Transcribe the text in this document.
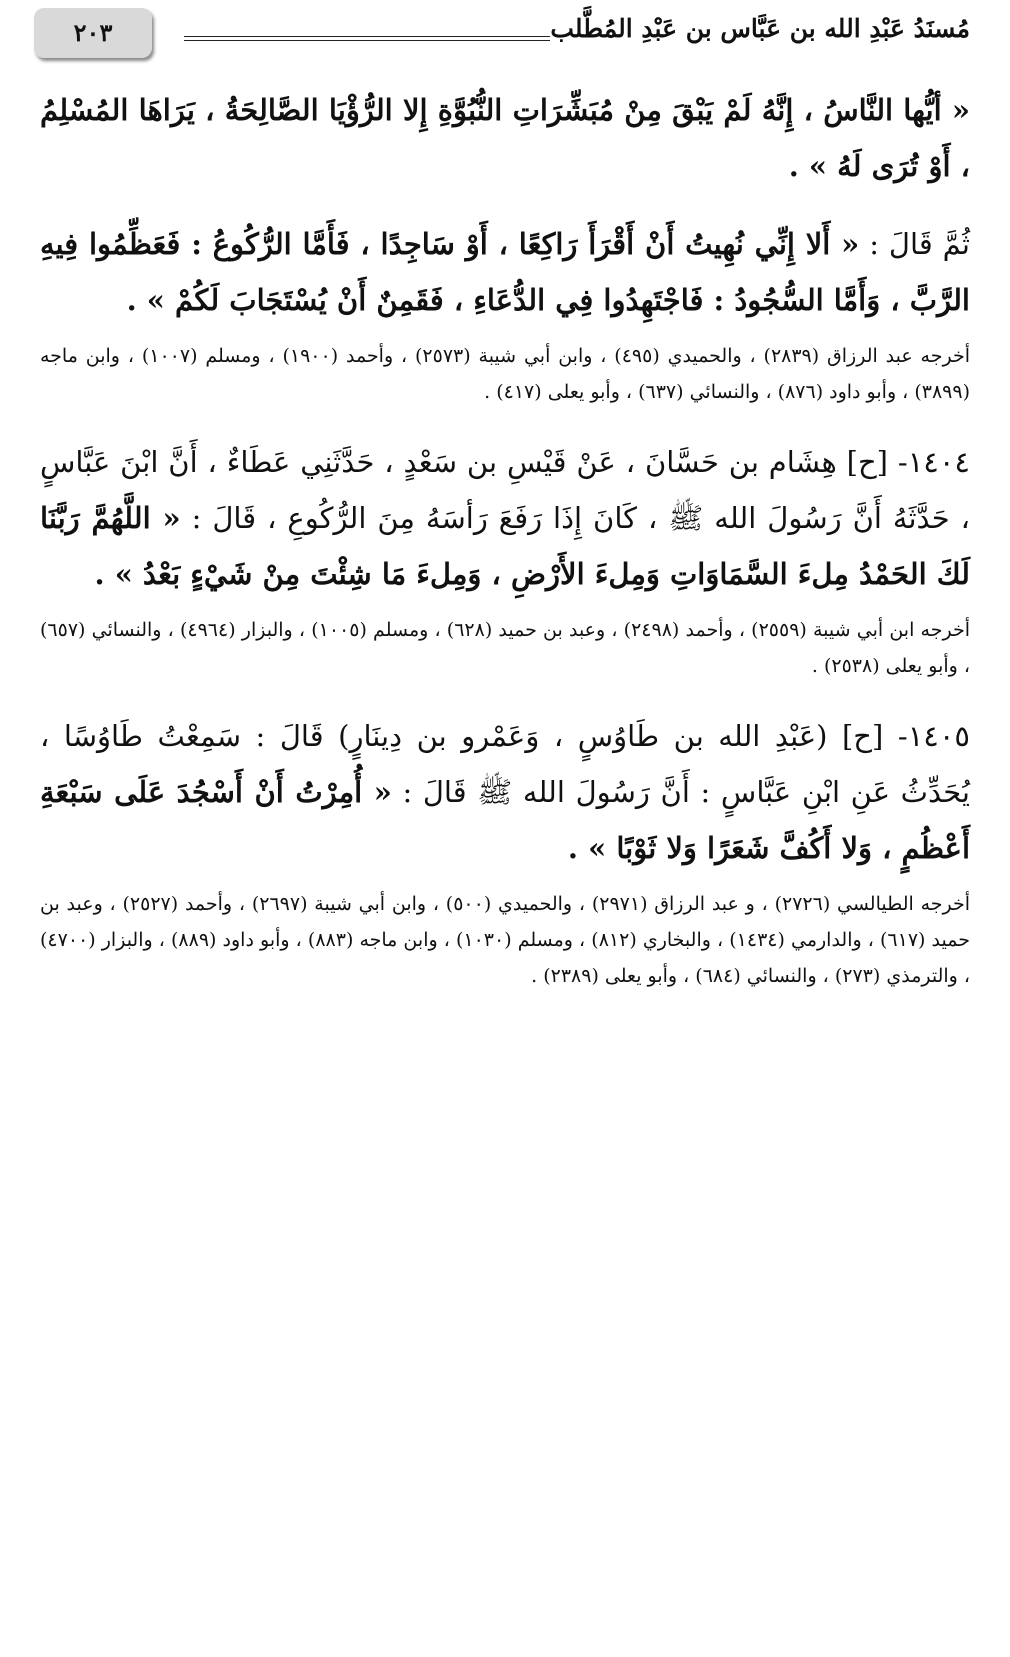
مُسنَدُ عَبْدِ الله بن عَبَّاس بن عَبْدِ المُطَّلب
٢٠٣

« أيُّها النَّاسُ ، إِنَّهُ لَمْ يَبْقَ مِنْ مُبَشِّرَاتِ النُّبُوَّةِ إِلا الرُّؤْيَا الصَّالِحَةُ ، يَرَاهَا المُسْلِمُ ، أَوْ تُرَى لَهُ » .

ثُمَّ قَالَ : « أَلا إِنِّي نُهِيتُ أَنْ أَقْرَأَ رَاكِعًا ، أَوْ سَاجِدًا ، فَأَمَّا الرُّكُوعُ : فَعَظِّمُوا فِيهِ الرَّبَّ ، وَأَمَّا السُّجُودُ : فَاجْتَهِدُوا فِي الدُّعَاءِ ، فَقَمِنٌ أَنْ يُسْتَجَابَ لَكُمْ » .

أخرجه عبد الرزاق (٢٨٣٩) ، والحميدي (٤٩٥) ، وابن أبي شيبة (٢٥٧٣) ، وأحمد (١٩٠٠) ، ومسلم (١٠٠٧) ، وابن ماجه (٣٨٩٩) ، وأبو داود (٨٧٦) ، والنسائي (٦٣٧) ، وأبو يعلى (٤١٧) .

١٤٠٤- [ح] هِشَام بن حَسَّانَ ، عَنْ قَيْسِ بن سَعْدٍ ، حَدَّثَنِي عَطَاءٌ ، أَنَّ ابْنَ عَبَّاسٍ ، حَدَّثَهُ أَنَّ رَسُولَ الله ﷺ ، كَانَ إِذَا رَفَعَ رَأسَهُ مِنَ الرُّكُوعِ ، قَالَ : « اللَّهُمَّ رَبَّنَا لَكَ الحَمْدُ مِلءَ السَّمَاوَاتِ وَمِلءَ الأَرْضِ ، وَمِلءَ مَا شِئْتَ مِنْ شَيْءٍ بَعْدُ » .

أخرجه ابن أبي شيبة (٢٥٥٩) ، وأحمد (٢٤٩٨) ، وعبد بن حميد (٦٢٨) ، ومسلم (١٠٠٥) ، والبزار (٤٩٦٤) ، والنسائي (٦٥٧) ، وأبو يعلى (٢٥٣٨) .

١٤٠٥- [ح] (عَبْدِ الله بن طَاوُسٍ ، وَعَمْرو بن دِينَارٍ) قَالَ : سَمِعْتُ طَاوُسًا ، يُحَدِّثُ عَنِ ابْنِ عَبَّاسٍ : أَنَّ رَسُولَ الله ﷺ قَالَ : « أُمِرْتُ أَنْ أَسْجُدَ عَلَى سَبْعَةِ أَعْظُمٍ ، وَلا أَكُفَّ شَعَرًا وَلا ثَوْبًا » .

أخرجه الطيالسي (٢٧٢٦) ، و عبد الرزاق (٢٩٧١) ، والحميدي (٥٠٠) ، وابن أبي شيبة (٢٦٩٧) ، وأحمد (٢٥٢٧) ، وعبد بن حميد (٦١٧) ، والدارمي (١٤٣٤) ، والبخاري (٨١٢) ، ومسلم (١٠٣٠) ، وابن ماجه (٨٨٣) ، وأبو داود (٨٨٩) ، والبزار (٤٧٠٠) ، والترمذي (٢٧٣) ، والنسائي (٦٨٤) ، وأبو يعلى (٢٣٨٩) .
